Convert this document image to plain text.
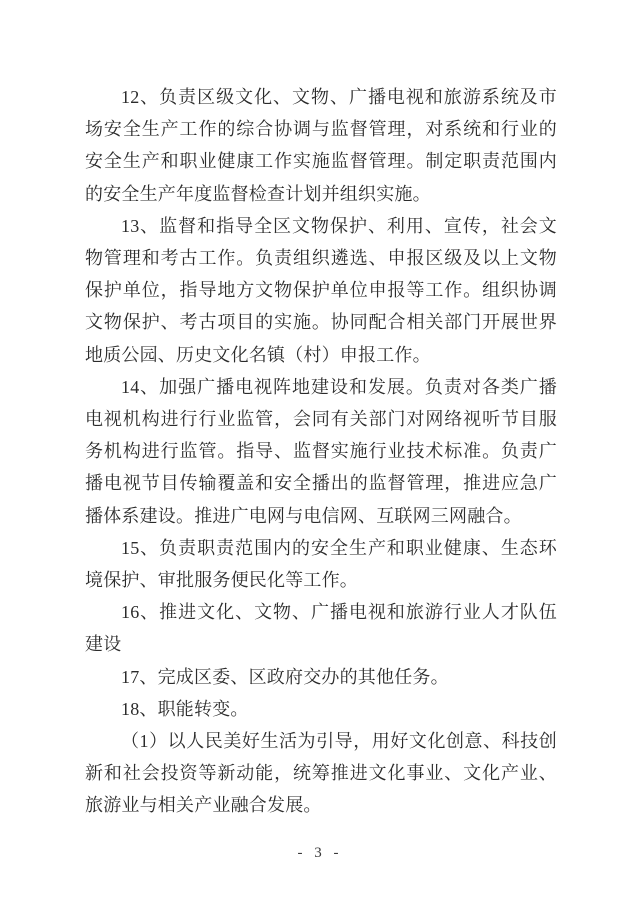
12、负责区级文化、文物、广播电视和旅游系统及市场安全生产工作的综合协调与监督管理，对系统和行业的安全生产和职业健康工作实施监督管理。制定职责范围内的安全生产年度监督检查计划并组织实施。

13、监督和指导全区文物保护、利用、宣传，社会文物管理和考古工作。负责组织遴选、申报区级及以上文物保护单位，指导地方文物保护单位申报等工作。组织协调文物保护、考古项目的实施。协同配合相关部门开展世界地质公园、历史文化名镇（村）申报工作。

14、加强广播电视阵地建设和发展。负责对各类广播电视机构进行行业监管，会同有关部门对网络视听节目服务机构进行监管。指导、监督实施行业技术标准。负责广播电视节目传输覆盖和安全播出的监督管理，推进应急广播体系建设。推进广电网与电信网、互联网三网融合。

15、负责职责范围内的安全生产和职业健康、生态环境保护、审批服务便民化等工作。

16、推进文化、文物、广播电视和旅游行业人才队伍建设

17、完成区委、区政府交办的其他任务。

18、职能转变。

（1）以人民美好生活为引导，用好文化创意、科技创新和社会投资等新动能，统筹推进文化事业、文化产业、旅游业与相关产业融合发展。

- 3 -
